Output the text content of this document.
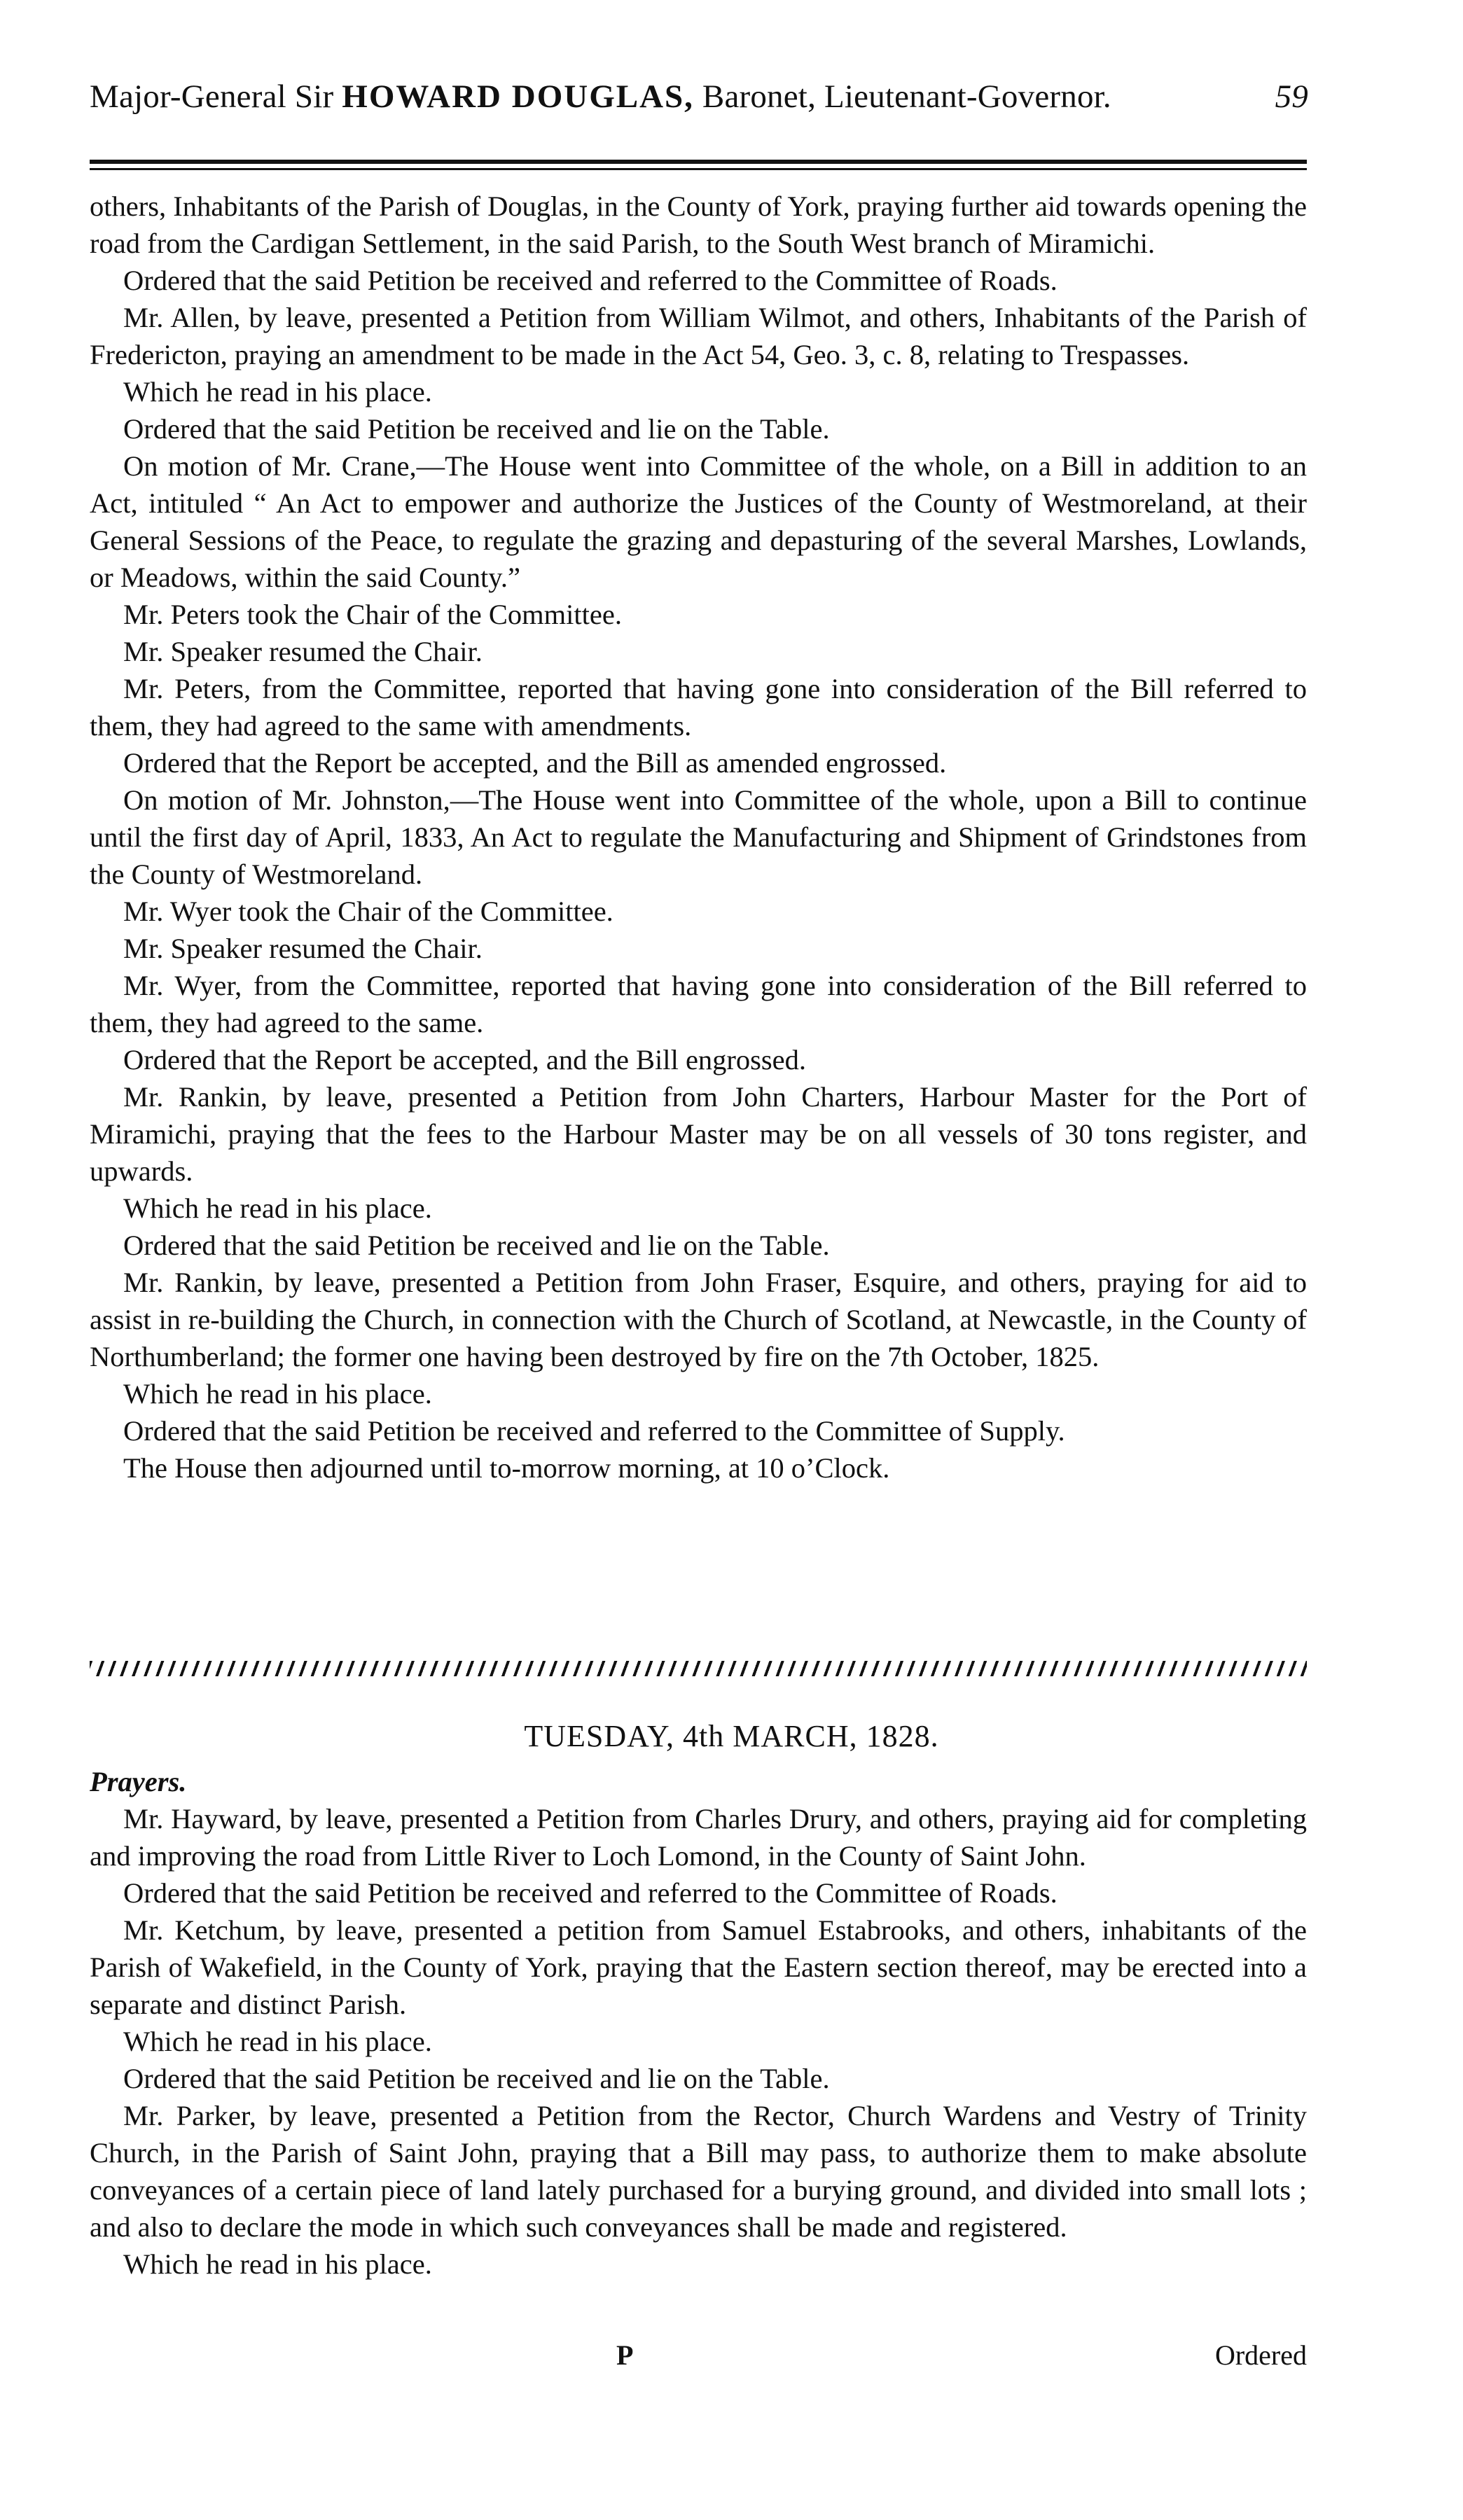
Major-General Sir HOWARD DOUGLAS, Baronet, Lieutenant-Governor.	59

others, Inhabitants of the Parish of Douglas, in the County of York, praying further aid towards opening the road from the Cardigan Settlement, in the said Parish, to the South West branch of Miramichi.

Ordered that the said Petition be received and referred to the Committee of Roads.

Mr. Allen, by leave, presented a Petition from William Wilmot, and others, Inhabitants of the Parish of Fredericton, praying an amendment to be made in the Act 54, Geo. 3, c. 8, relating to Trespasses.

Which he read in his place.

Ordered that the said Petition be received and lie on the Table.

On motion of Mr. Crane,—The House went into Committee of the whole, on a Bill in addition to an Act, intituled “ An Act to empower and authorize the Justices of the County of Westmoreland, at their General Sessions of the Peace, to regulate the grazing and depasturing of the several Marshes, Lowlands, or Meadows, within the said County.”

Mr. Peters took the Chair of the Committee.

Mr. Speaker resumed the Chair.

Mr. Peters, from the Committee, reported that having gone into consideration of the Bill referred to them, they had agreed to the same with amendments.

Ordered that the Report be accepted, and the Bill as amended engrossed.

On motion of Mr. Johnston,—The House went into Committee of the whole, upon a Bill to continue until the first day of April, 1833, An Act to regulate the Manufacturing and Shipment of Grindstones from the County of Westmoreland.

Mr. Wyer took the Chair of the Committee.

Mr. Speaker resumed the Chair.

Mr. Wyer, from the Committee, reported that having gone into consideration of the Bill referred to them, they had agreed to the same.

Ordered that the Report be accepted, and the Bill engrossed.

Mr. Rankin, by leave, presented a Petition from John Charters, Harbour Master for the Port of Miramichi, praying that the fees to the Harbour Master may be on all vessels of 30 tons register, and upwards.

Which he read in his place.

Ordered that the said Petition be received and lie on the Table.

Mr. Rankin, by leave, presented a Petition from John Fraser, Esquire, and others, praying for aid to assist in re-building the Church, in connection with the Church of Scotland, at Newcastle, in the County of Northumberland; the former one having been destroyed by fire on the 7th October, 1825.

Which he read in his place.

Ordered that the said Petition be received and referred to the Committee of Supply.

The House then adjourned until to-morrow morning, at 10 o’Clock.

TUESDAY, 4th MARCH, 1828.

Prayers.

Mr. Hayward, by leave, presented a Petition from Charles Drury, and others, praying aid for completing and improving the road from Little River to Loch Lomond, in the County of Saint John.

Ordered that the said Petition be received and referred to the Committee of Roads.

Mr. Ketchum, by leave, presented a petition from Samuel Estabrooks, and others, inhabitants of the Parish of Wakefield, in the County of York, praying that the Eastern section thereof, may be erected into a separate and distinct Parish.

Which he read in his place.

Ordered that the said Petition be received and lie on the Table.

Mr. Parker, by leave, presented a Petition from the Rector, Church Wardens and Vestry of Trinity Church, in the Parish of Saint John, praying that a Bill may pass, to authorize them to make absolute conveyances of a certain piece of land lately purchased for a burying ground, and divided into small lots ; and also to declare the mode in which such conveyances shall be made and registered.

Which he read in his place.

P	Ordered
